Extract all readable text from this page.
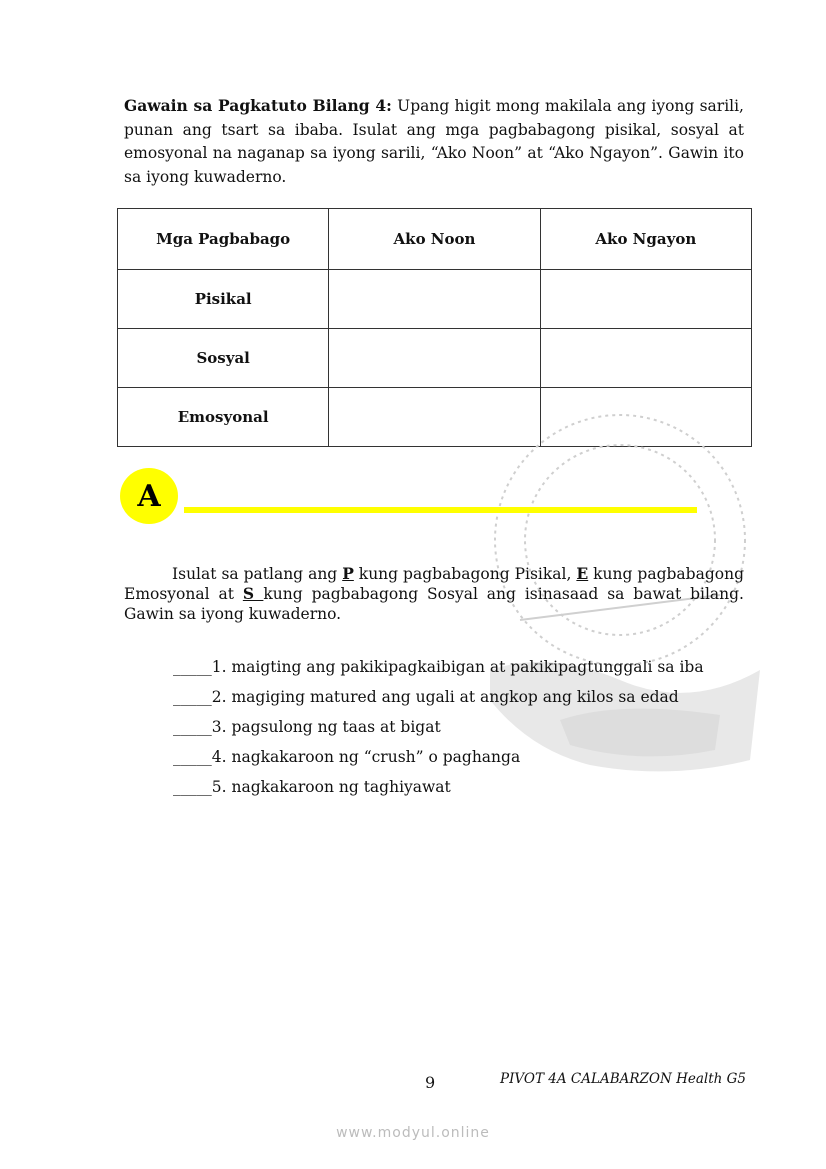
Gawain sa Pagkatuto Bilang 4: Upang higit mong makilala ang iyong sarili, punan ang tsart sa ibaba. Isulat ang mga pagbabagong pisikal, sosyal at emosyonal na naganap sa iyong sarili, “Ako Noon” at “Ako Ngayon”. Gawin ito sa iyong kuwaderno.
Mga Pagbabago	Ako Noon	Ako Ngayon
Pisikal		
Sosyal		
Emosyonal		
A
Isulat sa patlang ang P kung pagbabagong Pisikal, E kung pagbabagong Emosyonal at S kung pagbabagong Sosyal ang isinasaad sa bawat bilang. Gawin sa iyong kuwaderno.
_____1. maigting ang pakikipagkaibigan at pakikipagtunggali sa iba
_____2. magiging matured ang ugali at angkop ang kilos sa edad
_____3. pagsulong ng taas at bigat
_____4. nagkakaroon ng “crush” o paghanga
_____5. nagkakaroon ng taghiyawat
9	PIVOT 4A CALABARZON Health G5
www.modyul.online
